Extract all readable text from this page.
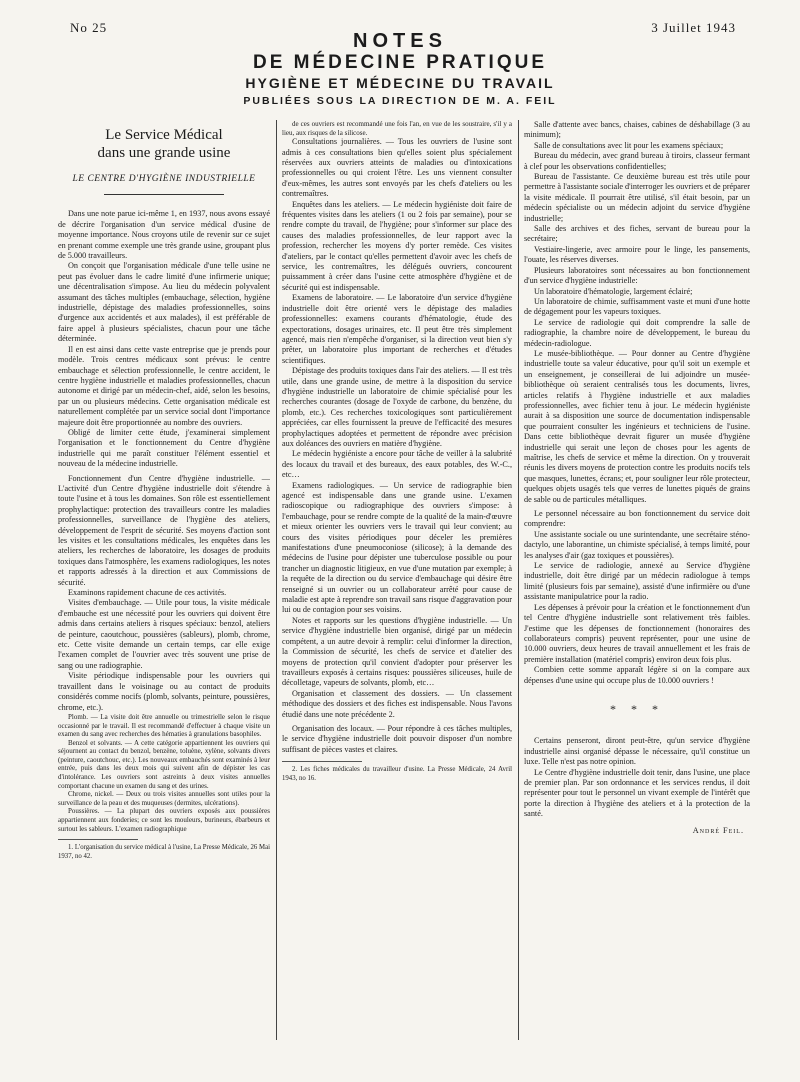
No 25	3 Juillet 1943
NOTES
DE MÉDECINE PRATIQUE
HYGIÈNE ET MÉDECINE DU TRAVAIL
PUBLIÉES SOUS LA DIRECTION DE M. A. FEIL
Le Service Médical
dans une grande usine
LE CENTRE D'HYGIÈNE INDUSTRIELLE

Dans une note parue ici-même 1, en 1937, nous avons essayé de décrire l'organisation d'un service médical d'usine de moyenne importance. Nous croyons utile de revenir sur ce sujet en prenant comme exemple une très grande usine, groupant plus de 5.000 travailleurs.

On conçoit que l'organisation médicale d'une telle usine ne peut pas évoluer dans le cadre limité d'une infirmerie unique; une décentralisation s'impose. Au lieu du médecin polyvalent assumant des tâches multiples (embauchage, sélection, hygiène industrielle, dépistage des maladies professionnelles, soins d'urgence aux accidentés et aux malades), il est préférable de faire appel à plusieurs spécialistes, chacun pour une tâche déterminée.

Il en est ainsi dans cette vaste entreprise que je prends pour modèle. Trois centres médicaux sont prévus: le centre embauchage et sélection professionnelle, le centre accident, le centre hygiène industrielle et maladies professionnelles, chacun autonome et dirigé par un médecin-chef, aidé, selon les besoins, par un ou plusieurs médecins. Cette organisation médicale est naturellement complétée par un service social dont l'importance majeure doit être proportionnée au nombre des ouvriers.

Obligé de limiter cette étude, j'examinerai simplement l'organisation et le fonctionnement du Centre d'hygiène industrielle qui me paraît constituer l'élément essentiel et nouveau de la médecine industrielle.

Fonctionnement d'un Centre d'hygiène industrielle. — L'activité d'un Centre d'hygiène industrielle doit s'étendre à toute l'usine et à tous les domaines. Son rôle est essentiellement prophylactique: protection des travailleurs contre les maladies professionnelles, surveillance de l'hygiène des ateliers, développement de l'esprit de sécurité. Ses moyens d'action sont les visites et les consultations médicales, les enquêtes dans les ateliers, les recherches de laboratoire, les dosages de produits toxiques dans l'atmosphère, les examens radiologiques, les notes et rapports adressés à la direction et aux Commissions de sécurité.

Examinons rapidement chacune de ces activités.

Visites d'embauchage. — Utile pour tous, la visite médicale d'embauche est une nécessité pour les ouvriers qui doivent être admis dans certains ateliers à risques spéciaux: benzol, ateliers de peinture, caoutchouc, poussières (sableurs), plomb, chrome, etc. Cette visite demande un certain temps, car elle exige l'examen complet de l'ouvrier avec très souvent une prise de sang ou une radiographie.

Visite périodique indispensable pour les ouvriers qui travaillent dans le voisinage ou au contact de produits considérés comme nocifs (plomb, solvants, peinture, poussières, chrome, etc.).

Plomb. — La visite doit être annuelle ou trimestrielle selon le risque occasionné par le travail. Il est recommandé d'effectuer à chaque visite un examen du sang avec recherches des hématies à granulations basophiles.

Benzol et solvants. — A cette catégorie appartiennent les ouvriers qui séjournent au contact du benzol, benzène, toluène, xylène, solvants divers (peinture, caoutchouc, etc.). Les nouveaux embauchés sont examinés à leur entrée, puis dans les deux mois qui suivent afin de dépister les cas d'intolérance. Les ouvriers sont astreints à deux visites annuelles comportant chacune un examen du sang et des urines.

Chrome, nickel. — Deux ou trois visites annuelles sont utiles pour la surveillance de la peau et des muqueuses (dermites, ulcérations).

Poussières. — La plupart des ouvriers exposés aux poussières appartiennent aux fonderies; ce sont les mouleurs, burineurs, ébarbeurs et surtout les sableurs. L'examen radiographique

1. L'organisation du service médical à l'usine, La Presse Médicale, 26 Mai 1937, no 42.

de ces ouvriers est recommandé une fois l'an, en vue de les soustraire, s'il y a lieu, aux risques de la silicose.

Consultations journalières. — Tous les ouvriers de l'usine sont admis à ces consultations bien qu'elles soient plus spécialement réservées aux ouvriers atteints de maladies ou d'intoxications professionnelles ou qui croient l'être. Les uns viennent consulter d'eux-mêmes, les autres sont envoyés par les chefs d'ateliers ou les contremaîtres.

Enquêtes dans les ateliers. — Le médecin hygiéniste doit faire de fréquentes visites dans les ateliers (1 ou 2 fois par semaine), pour se rendre compte du travail, de l'hygiène; pour s'informer sur place des causes des maladies professionnelles, de leur rapport avec la profession, rechercher les moyens d'y porter remède. Ces visites d'ateliers, par le contact qu'elles permettent d'avoir avec les chefs de service, les contremaîtres, les délégués ouvriers, concourent puissamment à créer dans l'usine cette atmosphère d'hygiène et de sécurité qui est indispensable.

Examens de laboratoire. — Le laboratoire d'un service d'hygiène industrielle doit être orienté vers le dépistage des maladies professionnelles: examens courants d'hématologie, étude des expectorations, dosages urinaires, etc. Il peut être très simplement agencé, mais rien n'empêche d'organiser, si la direction veut bien s'y prêter, un laboratoire plus important de recherches et d'études scientifiques.

Dépistage des produits toxiques dans l'air des ateliers. — Il est très utile, dans une grande usine, de mettre à la disposition du service d'hygiène industrielle un laboratoire de chimie spécialisé pour les recherches courantes (dosage de l'oxyde de carbone, du benzène, du plomb, etc.). Ces recherches toxicologiques sont particulièrement appréciées, car elles fournissent la preuve de l'efficacité des mesures prophylactiques adoptées et permettent de répondre avec précision aux doléances des ouvriers en matière d'hygiène.

Le médecin hygiéniste a encore pour tâche de veiller à la salubrité des locaux du travail et des bureaux, des eaux potables, des W.-C., etc…

Examens radiologiques. — Un service de radiographie bien agencé est indispensable dans une grande usine. L'examen radioscopique ou radiographique des ouvriers s'impose: à l'embauchage, pour se rendre compte de la qualité de la main-d'œuvre et mieux orienter les ouvriers vers le travail qui leur convient; au cours des visites périodiques pour déceler les premières manifestations d'une pneumoconiose (silicose); à la demande des médecins de l'usine pour dépister une tuberculose possible ou pour trancher un diagnostic litigieux, en vue d'une mutation par exemple; à la requête de la direction ou du service d'embauchage qui désire être renseigné si un ouvrier ou un collaborateur arrêté pour cause de maladie est apte à reprendre son travail sans risque d'aggravation pour lui ou de contagion pour ses voisins.

Notes et rapports sur les questions d'hygiène industrielle. — Un service d'hygiène industrielle bien organisé, dirigé par un médecin compétent, a un autre devoir à remplir: celui d'informer la direction, la Commission de sécurité, les chefs de service et d'atelier des moyens de protection qu'il convient d'adopter pour préserver les travailleurs exposés à certains risques: poussières siliceuses, huile de décolletage, vapeurs de solvants, plomb, etc…

Organisation et classement des dossiers. — Un classement méthodique des dossiers et des fiches est indispensable. Nous l'avons étudié dans une note précédente 2.

Organisation des locaux. — Pour répondre à ces tâches multiples, le service d'hygiène industrielle doit pouvoir disposer d'un nombre suffisant de pièces vastes et claires.

2. Les fiches médicales du travailleur d'usine. La Presse Médicale, 24 Avril 1943, no 16.

Salle d'attente avec bancs, chaises, cabines de déshabillage (3 au minimum);

Salle de consultations avec lit pour les examens spéciaux;

Bureau du médecin, avec grand bureau à tiroirs, classeur fermant à clef pour les observations confidentielles;

Bureau de l'assistante. Ce deuxième bureau est très utile pour permettre à l'assistante sociale d'interroger les ouvriers et de préparer la visite médicale. Il pourrait être utilisé, s'il était besoin, par un médecin spécialiste ou un médecin adjoint du service d'hygiène industrielle;

Salle des archives et des fiches, servant de bureau pour la secrétaire;

Vestiaire-lingerie, avec armoire pour le linge, les pansements, l'ouate, les réserves diverses.

Plusieurs laboratoires sont nécessaires au bon fonctionnement d'un service d'hygiène industrielle:

Un laboratoire d'hématologie, largement éclairé;

Un laboratoire de chimie, suffisamment vaste et muni d'une hotte de dégagement pour les vapeurs toxiques.

Le service de radiologie qui doit comprendre la salle de radiographie, la chambre noire de développement, le bureau du médecin-radiologue.

Le musée-bibliothèque. — Pour donner au Centre d'hygiène industrielle toute sa valeur éducative, pour qu'il soit un exemple et un enseignement, je conseillerai de lui adjoindre un musée-bibliothèque où seraient centralisés tous les documents, livres, articles relatifs à l'hygiène industrielle et aux maladies professionnelles, avec fichier tenu à jour. Le médecin hygiéniste aurait à sa disposition une source de documentation indispensable que pourraient consulter les ingénieurs et techniciens de l'usine. Dans cette bibliothèque devrait figurer un musée d'hygiène industrielle qui serait une leçon de choses pour les agents de maîtrise, les chefs de service et même la direction. On y trouverait réunis les divers moyens de protection contre les produits nocifs tels que masques, lunettes, écrans; et, pour souligner leur rôle protecteur, quelques objets usagés tels que verres de lunettes piqués de grains de sable ou de particules métalliques.

Le personnel nécessaire au bon fonctionnement du service doit comprendre:

Une assistante sociale ou une surintendante, une secrétaire sténo-dactylo, une laborantine, un chimiste spécialisé, à temps limité, pour les analyses d'air (gaz toxiques et poussières).

Le service de radiologie, annexé au Service d'hygiène industrielle, doit être dirigé par un médecin radiologue à temps limité (plusieurs fois par semaine), assisté d'une infirmière ou d'une assistante manipulatrice pour la radio.

Les dépenses à prévoir pour la création et le fonctionnement d'un tel Centre d'hygiène industrielle sont relativement très faibles. J'estime que les dépenses de fonctionnement (honoraires des collaborateurs compris) peuvent représenter, pour une usine de 10.000 ouvriers, deux heures de travail annuellement et les frais de première installation (matériel compris) environ deux fois plus.

Combien cette somme apparaît légère si on la compare aux dépenses d'une usine qui occupe plus de 10.000 ouvriers !

* * *

Certains penseront, diront peut-être, qu'un service d'hygiène industrielle ainsi organisé dépasse le nécessaire, qu'il constitue un luxe. Telle n'est pas notre opinion.

Le Centre d'hygiène industrielle doit tenir, dans l'usine, une place de premier plan. Par son ordonnance et les services rendus, il doit représenter pour tout le personnel un vivant exemple de l'intérêt que porte la direction à l'hygiène des ateliers et à la protection de la santé.

André Feil.
